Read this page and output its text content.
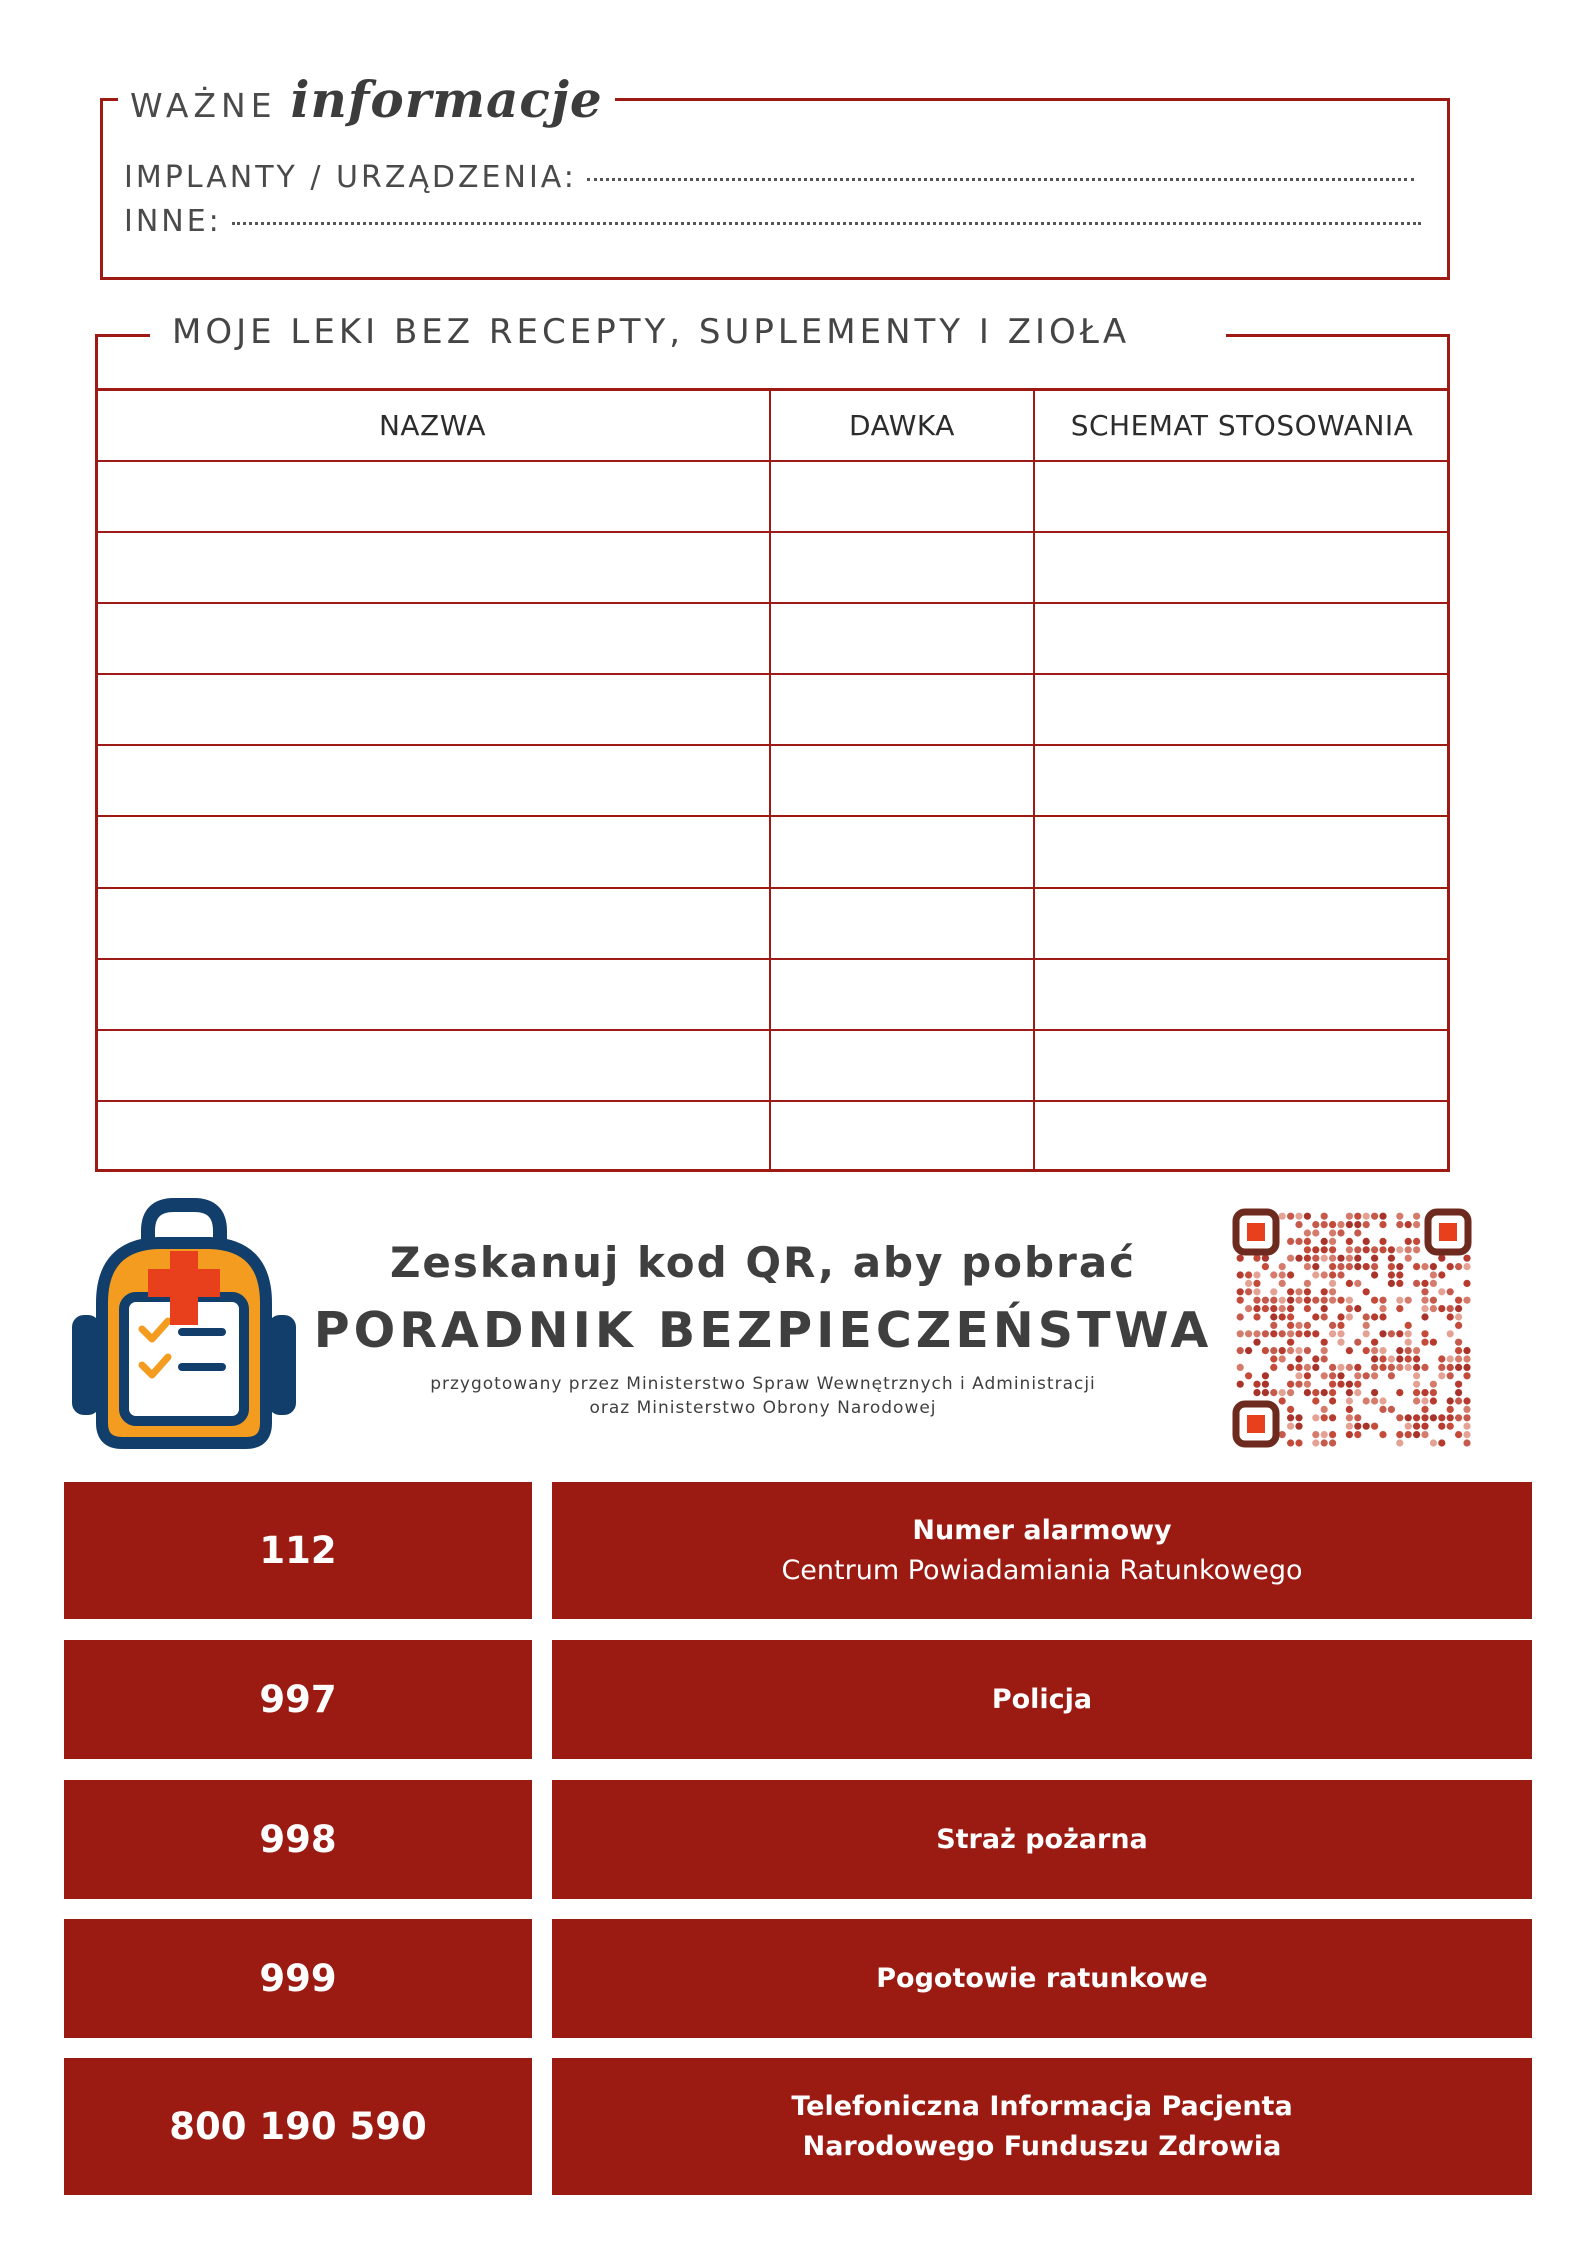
WAŻNE informacje
IMPLANTY / URZĄDZENIA:
INNE:
MOJE LEKI BEZ RECEPTY, SUPLEMENTY I ZIOŁA
NAZWA	DAWKA	SCHEMAT STOSOWANIA

Zeskanuj kod QR, aby pobrać
PORADNIK BEZPIECZEŃSTWA
przygotowany przez Ministerstwo Spraw Wewnętrznych i Administracji
oraz Ministerstwo Obrony Narodowej
112	Numer alarmowy
Centrum Powiadamiania Ratunkowego
997	Policja
998	Straż pożarna
999	Pogotowie ratunkowe
800 190 590	Telefoniczna Informacja Pacjenta
Narodowego Funduszu Zdrowia
